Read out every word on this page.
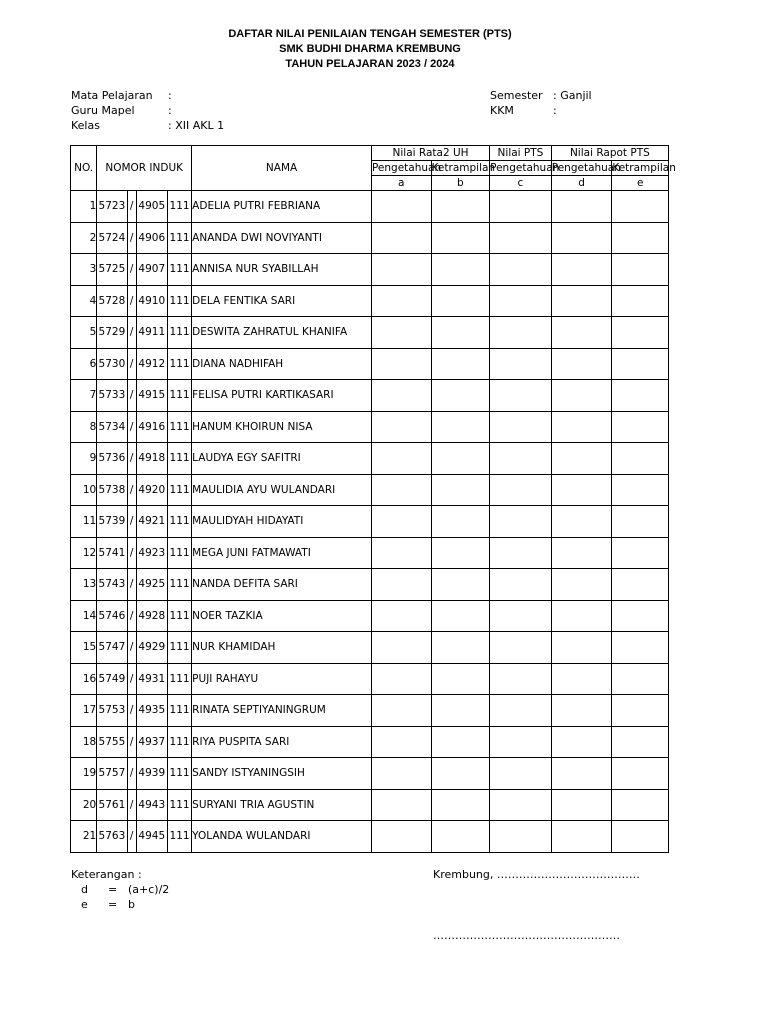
DAFTAR NILAI PENILAIAN TENGAH SEMESTER (PTS)
SMK BUDHI DHARMA KREMBUNG
TAHUN PELAJARAN 2023 / 2024
Mata Pelajaran :
Guru Mapel	:
Kelas	: XII AKL 1
Semester : Ganjil
KKM	:
NO.	NOMOR INDUK				NAMA	Nilai Rata2 UH		Nilai PTS	Nilai Rapot PTS	
						Pengetahuan	Ketrampilan	Pengetahuan	Pengetahuan	Ketrampilan
						a	b	c	d	e
1	5723	/	4905	111	ADELIA PUTRI FEBRIANA					
2	5724	/	4906	111	ANANDA DWI NOVIYANTI					
3	5725	/	4907	111	ANNISA NUR SYABILLAH					
4	5728	/	4910	111	DELA FENTIKA SARI					
5	5729	/	4911	111	DESWITA ZAHRATUL KHANIFA					
6	5730	/	4912	111	DIANA NADHIFAH					
7	5733	/	4915	111	FELISA PUTRI KARTIKASARI					
8	5734	/	4916	111	HANUM KHOIRUN NISA					
9	5736	/	4918	111	LAUDYA EGY SAFITRI					
10	5738	/	4920	111	MAULIDIA AYU WULANDARI					
11	5739	/	4921	111	MAULIDYAH HIDAYATI					
12	5741	/	4923	111	MEGA JUNI FATMAWATI					
13	5743	/	4925	111	NANDA DEFITA SARI					
14	5746	/	4928	111	NOER TAZKIA					
15	5747	/	4929	111	NUR KHAMIDAH					
16	5749	/	4931	111	PUJI RAHAYU					
17	5753	/	4935	111	RINATA SEPTIYANINGRUM					
18	5755	/	4937	111	RIYA PUSPITA SARI					
19	5757	/	4939	111	SANDY ISTYANINGSIH					
20	5761	/	4943	111	SURYANI TRIA AGUSTIN					
21	5763	/	4945	111	YOLANDA WULANDARI					
Keterangan :
d = (a+c)/2
e = b
Krembung, …………………………………
……………………………………………
